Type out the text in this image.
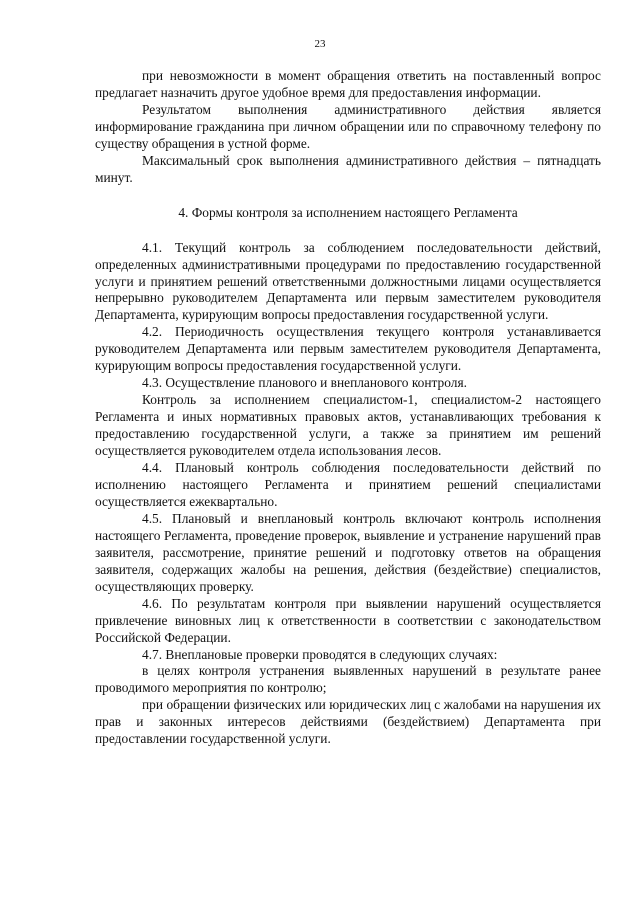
23

при невозможности в момент обращения ответить на поставленный вопрос предлагает назначить другое удобное время для предоставления информации.

Результатом выполнения административного действия является информирование гражданина при личном обращении или по справочному телефону по существу обращения в устной форме.

Максимальный срок выполнения административного действия – пятнадцать минут.

4. Формы контроля за исполнением настоящего Регламента

4.1. Текущий контроль за соблюдением последовательности действий, определенных административными процедурами по предоставлению государственной услуги и принятием решений ответственными должностными лицами осуществляется непрерывно руководителем Департамента или первым заместителем руководителя Департамента, курирующим вопросы предоставления государственной услуги.

4.2. Периодичность осуществления текущего контроля устанавливается руководителем Департамента или первым заместителем руководителя Департамента, курирующим вопросы предоставления государственной услуги.

4.3. Осуществление планового и внепланового контроля.

Контроль за исполнением специалистом-1, специалистом-2 настоящего Регламента и иных нормативных правовых актов, устанавливающих требования к предоставлению государственной услуги, а также за принятием им решений осуществляется руководителем отдела использования лесов.

4.4. Плановый контроль соблюдения последовательности действий по исполнению настоящего Регламента и принятием решений специалистами осуществляется ежеквартально.

4.5. Плановый и внеплановый контроль включают контроль исполнения настоящего Регламента, проведение проверок, выявление и устранение нарушений прав заявителя, рассмотрение, принятие решений и подготовку ответов на обращения заявителя, содержащих жалобы на решения, действия (бездействие) специалистов, осуществляющих проверку.

4.6. По результатам контроля при выявлении нарушений осуществляется привлечение виновных лиц к ответственности в соответствии с законодательством Российской Федерации.

4.7. Внеплановые проверки проводятся в следующих случаях:

в целях контроля устранения выявленных нарушений в результате ранее проводимого мероприятия по контролю;

при обращении физических или юридических лиц с жалобами на нарушения их прав и законных интересов действиями (бездействием) Департамента при предоставлении государственной услуги.
